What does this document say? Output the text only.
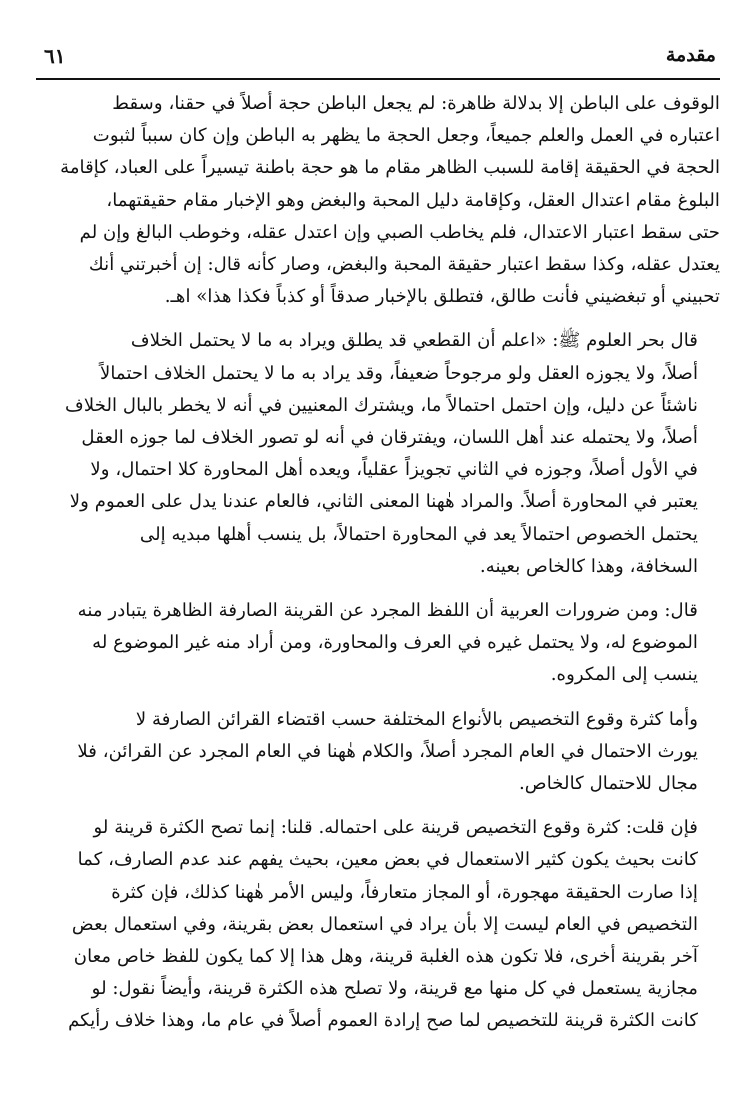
مقدمة
٦١

الوقوف على الباطن إلا بدلالة ظاهرة: لم يجعل الباطن حجة أصلاً في حقنا، وسقط
اعتباره في العمل والعلم جميعاً، وجعل الحجة ما يظهر به الباطن وإن كان سبباً لثبوت
الحجة في الحقيقة إقامة للسبب الظاهر مقام ما هو حجة باطنة تيسيراً على العباد، كإقامة
البلوغ مقام اعتدال العقل، وكإقامة دليل المحبة والبغض وهو الإخبار مقام حقيقتهما،
حتى سقط اعتبار الاعتدال، فلم يخاطب الصبي وإن اعتدل عقله، وخوطب البالغ وإن لم
يعتدل عقله، وكذا سقط اعتبار حقيقة المحبة والبغض، وصار كأنه قال: إن أخبرتني أنك
تحبيني أو تبغضيني فأنت طالق، فتطلق بالإخبار صدقاً أو كذباً فكذا هذا» اهـ.

قال بحر العلوم ﷺ: «اعلم أن القطعي قد يطلق ويراد به ما لا يحتمل الخلاف
أصلاً، ولا يجوزه العقل ولو مرجوحاً ضعيفاً، وقد يراد به ما لا يحتمل الخلاف احتمالاً
ناشئاً عن دليل، وإن احتمل احتمالاً ما، ويشترك المعنيين في أنه لا يخطر بالبال الخلاف
أصلاً، ولا يحتمله عند أهل اللسان، ويفترقان في أنه لو تصور الخلاف لما جوزه العقل
في الأول أصلاً، وجوزه في الثاني تجويزاً عقلياً، ويعده أهل المحاورة كلا احتمال، ولا
يعتبر في المحاورة أصلاً. والمراد هٰهنا المعنى الثاني، فالعام عندنا يدل على العموم ولا
يحتمل الخصوص احتمالاً يعد في المحاورة احتمالاً، بل ينسب أهلها مبديه إلى
السخافة، وهذا كالخاص بعينه.

قال: ومن ضرورات العربية أن اللفظ المجرد عن القرينة الصارفة الظاهرة يتبادر منه
الموضوع له، ولا يحتمل غيره في العرف والمحاورة، ومن أراد منه غير الموضوع له
ينسب إلى المكروه.

وأما كثرة وقوع التخصيص بالأنواع المختلفة حسب اقتضاء القرائن الصارفة لا
يورث الاحتمال في العام المجرد أصلاً، والكلام هٰهنا في العام المجرد عن القرائن، فلا
مجال للاحتمال كالخاص.

فإن قلت: كثرة وقوع التخصيص قرينة على احتماله. قلنا: إنما تصح الكثرة قرينة لو
كانت بحيث يكون كثير الاستعمال في بعض معين، بحيث يفهم عند عدم الصارف، كما
إذا صارت الحقيقة مهجورة، أو المجاز متعارفاً، وليس الأمر هٰهنا كذلك، فإن كثرة
التخصيص في العام ليست إلا بأن يراد في استعمال بعض بقرينة، وفي استعمال بعض
آخر بقرينة أخرى، فلا تكون هذه الغلبة قرينة، وهل هذا إلا كما يكون للفظ خاص معان
مجازية يستعمل في كل منها مع قرينة، ولا تصلح هذه الكثرة قرينة، وأيضاً نقول: لو
كانت الكثرة قرينة للتخصيص لما صح إرادة العموم أصلاً في عام ما، وهذا خلاف رأيكم
